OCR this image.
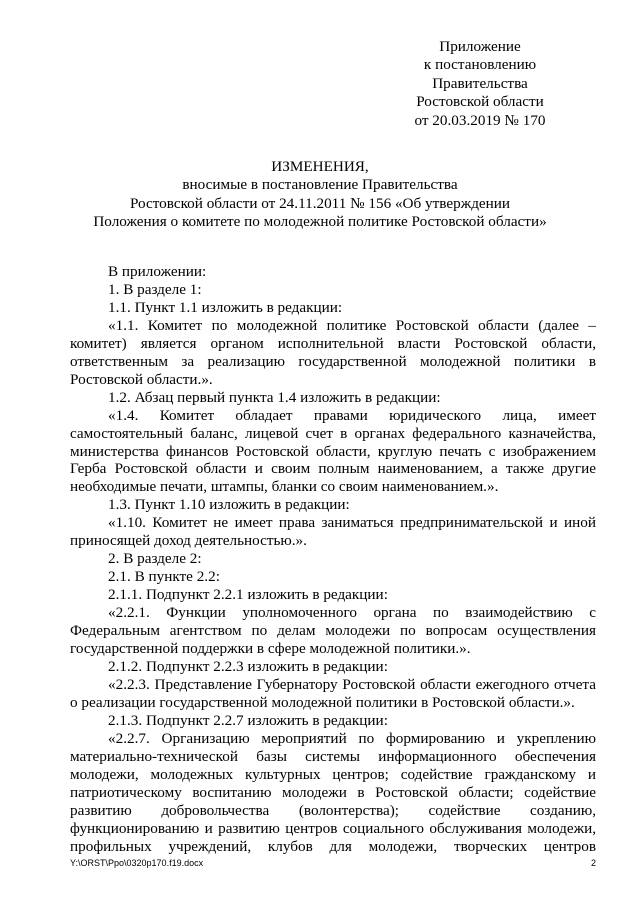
Приложение
к постановлению
Правительства
Ростовской области
от 20.03.2019 № 170
ИЗМЕНЕНИЯ,
вносимые в постановление Правительства
Ростовской области от 24.11.2011 № 156 «Об утверждении
Положения о комитете по молодежной политике Ростовской области»

В приложении:

1. В разделе 1:

1.1. Пункт 1.1 изложить в редакции:

«1.1. Комитет по молодежной политике Ростовской области (далее – комитет) является органом исполнительной власти Ростовской области, ответственным за реализацию государственной молодежной политики в Ростовской области.».

1.2. Абзац первый пункта 1.4 изложить в редакции:

«1.4. Комитет обладает правами юридического лица, имеет самостоятельный баланс, лицевой счет в органах федерального казначейства, министерства финансов Ростовской области, круглую печать с изображением Герба Ростовской области и своим полным наименованием, а также другие необходимые печати, штампы, бланки со своим наименованием.».

1.3. Пункт 1.10 изложить в редакции:

«1.10. Комитет не имеет права заниматься предпринимательской и иной приносящей доход деятельностью.».

2. В разделе 2:

2.1. В пункте 2.2:

2.1.1. Подпункт 2.2.1 изложить в редакции:

«2.2.1. Функции уполномоченного органа по взаимодействию с Федеральным агентством по делам молодежи по вопросам осуществления государственной поддержки в сфере молодежной политики.».

2.1.2. Подпункт 2.2.3 изложить в редакции:

«2.2.3. Представление Губернатору Ростовской области ежегодного отчета о реализации государственной молодежной политики в Ростовской области.».

2.1.3. Подпункт 2.2.7 изложить в редакции:

«2.2.7. Организацию мероприятий по формированию и укреплению материально-технической базы системы информационного обеспечения молодежи, молодежных культурных центров; содействие гражданскому и патриотическому воспитанию молодежи в Ростовской области; содействие развитию добровольчества (волонтерства); содействие созданию, функционированию и развитию центров социального обслуживания молодежи, профильных учреждений, клубов для молодежи, творческих центров

Y:\ORST\Ppo\0320p170.f19.docx	2
